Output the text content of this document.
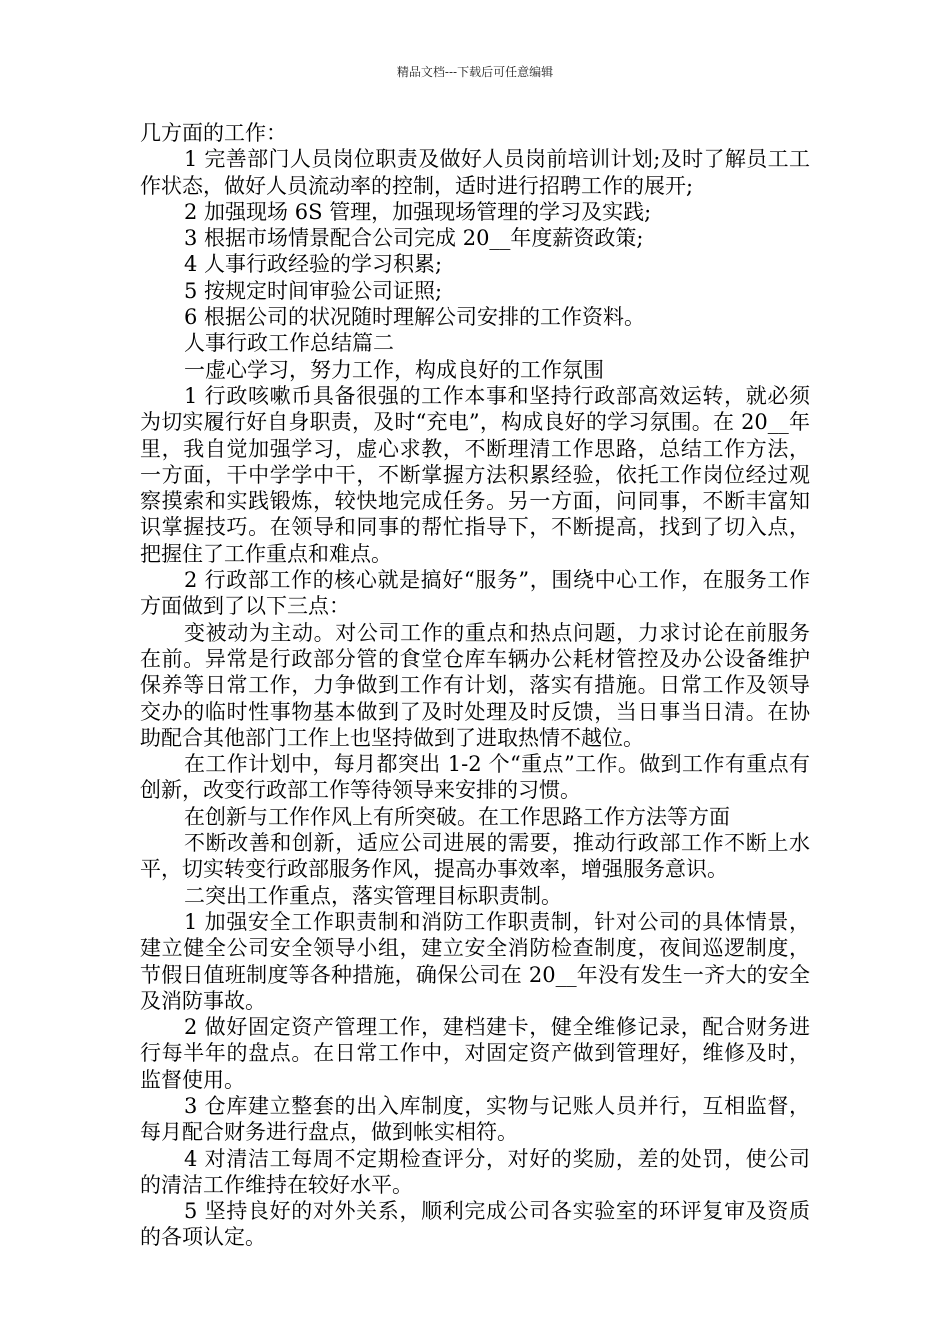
精品文档---下载后可任意编辑

几方面的工作：

1 完善部门人员岗位职责及做好人员岗前培训计划;及时了解员工工作状态，做好人员流动率的控制，适时进行招聘工作的展开;

2 加强现场 6S 管理，加强现场管理的学习及实践;

3 根据市场情景配合公司完成 20__年度薪资政策;

4 人事行政经验的学习积累;

5 按规定时间审验公司证照;

6 根据公司的状况随时理解公司安排的工作资料。

人事行政工作总结篇二

一虚心学习，努力工作，构成良好的工作氛围

1 行政咳嗽币具备很强的工作本事和坚持行政部高效运转，就必须为切实履行好自身职责，及时“充电”，构成良好的学习氛围。在 20__年里，我自觉加强学习，虚心求教，不断理清工作思路，总结工作方法，一方面，干中学学中干，不断掌握方法积累经验，依托工作岗位经过观察摸索和实践锻炼，较快地完成任务。另一方面，问同事，不断丰富知识掌握技巧。在领导和同事的帮忙指导下，不断提高，找到了切入点，把握住了工作重点和难点。

2 行政部工作的核心就是搞好“服务”，围绕中心工作，在服务工作方面做到了以下三点：

变被动为主动。对公司工作的重点和热点问题，力求讨论在前服务在前。异常是行政部分管的食堂仓库车辆办公耗材管控及办公设备维护保养等日常工作，力争做到工作有计划，落实有措施。日常工作及领导交办的临时性事物基本做到了及时处理及时反馈，当日事当日清。在协助配合其他部门工作上也坚持做到了进取热情不越位。

在工作计划中，每月都突出 1-2 个“重点”工作。做到工作有重点有创新，改变行政部工作等待领导来安排的习惯。

在创新与工作作风上有所突破。在工作思路工作方法等方面

不断改善和创新，适应公司进展的需要，推动行政部工作不断上水平，切实转变行政部服务作风，提高办事效率，增强服务意识。

二突出工作重点，落实管理目标职责制。

1 加强安全工作职责制和消防工作职责制，针对公司的具体情景，建立健全公司安全领导小组，建立安全消防检查制度，夜间巡逻制度，节假日值班制度等各种措施，确保公司在 20__年没有发生一齐大的安全及消防事故。

2 做好固定资产管理工作，建档建卡，健全维修记录，配合财务进行每半年的盘点。在日常工作中，对固定资产做到管理好，维修及时，监督使用。

3 仓库建立整套的出入库制度，实物与记账人员并行，互相监督，每月配合财务进行盘点，做到帐实相符。

4 对清洁工每周不定期检查评分，对好的奖励，差的处罚，使公司的清洁工作维持在较好水平。

5 坚持良好的对外关系，顺利完成公司各实验室的环评复审及资质的各项认定。
